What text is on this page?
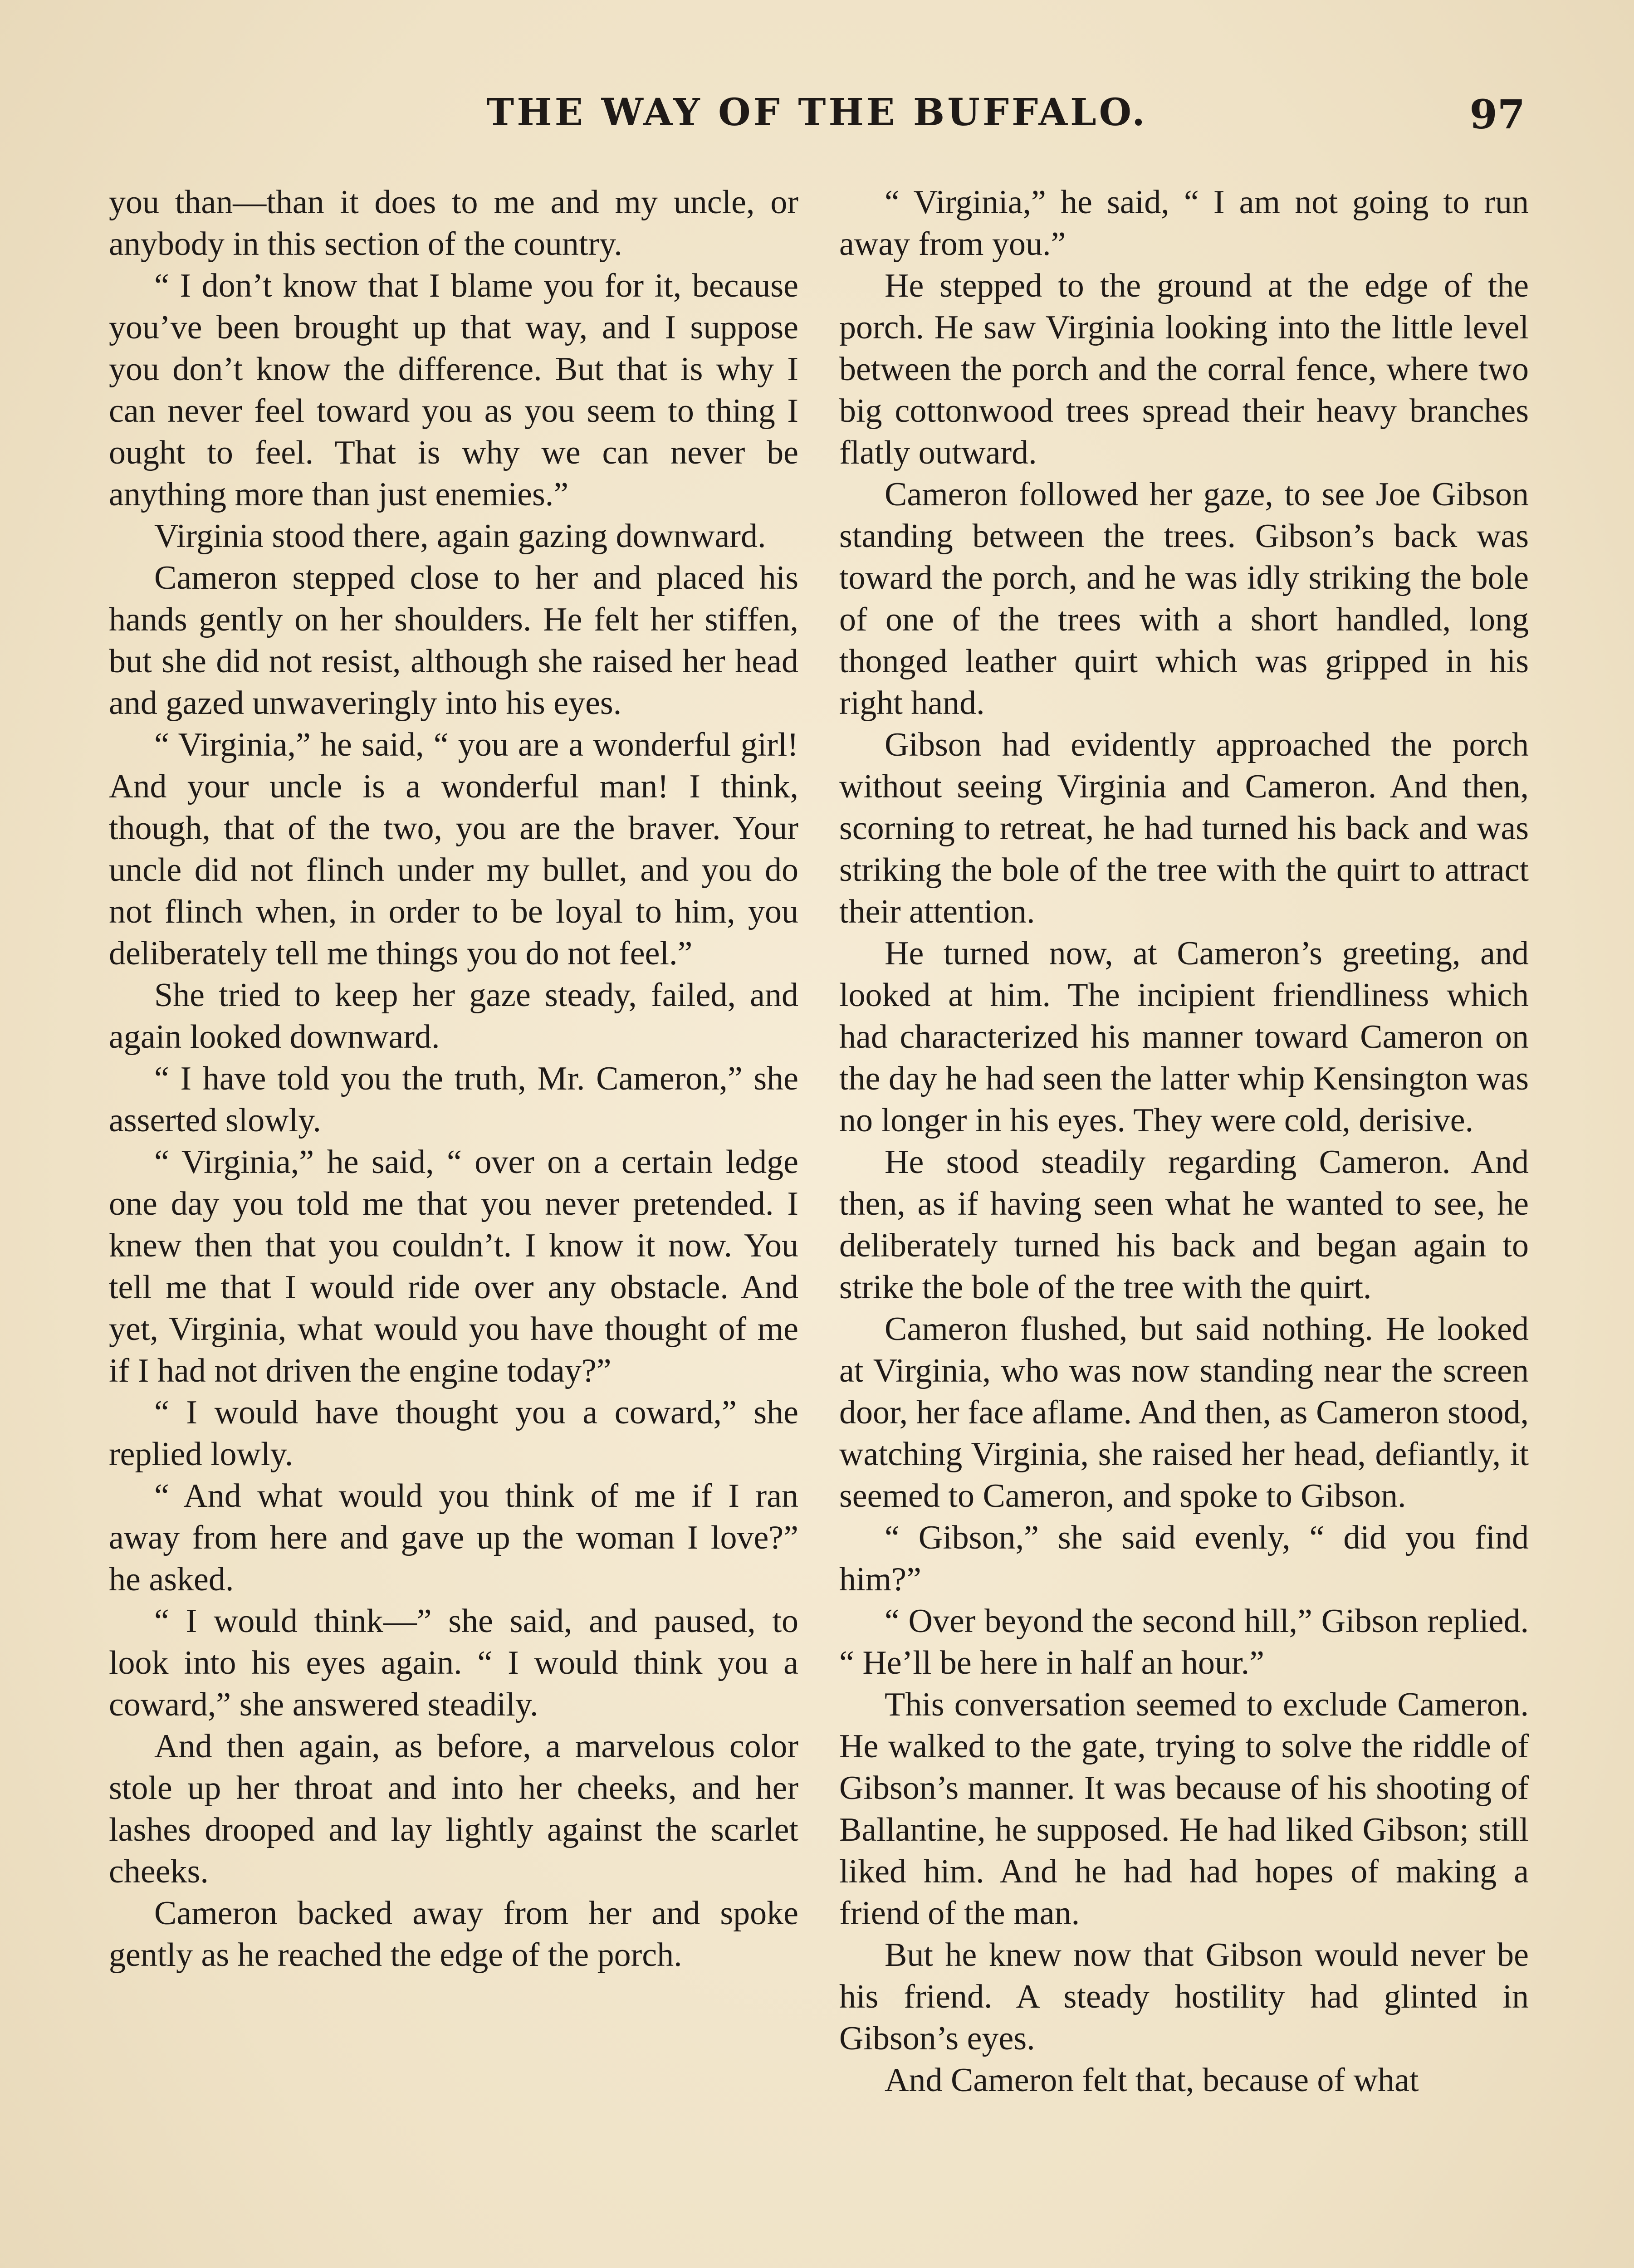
THE WAY OF THE BUFFALO.	97

you than—than it does to me and my uncle, or anybody in this section of the country.

“ I don’t know that I blame you for it, because you’ve been brought up that way, and I suppose you don’t know the difference. But that is why I can never feel toward you as you seem to thing I ought to feel. That is why we can never be anything more than just enemies.”

Virginia stood there, again gazing downward.

Cameron stepped close to her and placed his hands gently on her shoulders. He felt her stiffen, but she did not resist, although she raised her head and gazed unwaveringly into his eyes.

“ Virginia,” he said, “ you are a wonderful girl! And your uncle is a wonderful man! I think, though, that of the two, you are the braver. Your uncle did not flinch under my bullet, and you do not flinch when, in order to be loyal to him, you deliberately tell me things you do not feel.”

She tried to keep her gaze steady, failed, and again looked downward.

“ I have told you the truth, Mr. Cameron,” she asserted slowly.

“ Virginia,” he said, “ over on a certain ledge one day you told me that you never pretended. I knew then that you couldn’t. I know it now. You tell me that I would ride over any obstacle. And yet, Virginia, what would you have thought of me if I had not driven the engine today?”

“ I would have thought you a coward,” she replied lowly.

“ And what would you think of me if I ran away from here and gave up the woman I love?” he asked.

“ I would think—” she said, and paused, to look into his eyes again. “ I would think you a coward,” she answered steadily.

And then again, as before, a marvelous color stole up her throat and into her cheeks, and her lashes drooped and lay lightly against the scarlet cheeks.

Cameron backed away from her and spoke gently as he reached the edge of the porch.

“ Virginia,” he said, “ I am not going to run away from you.”

He stepped to the ground at the edge of the porch. He saw Virginia looking into the little level between the porch and the corral fence, where two big cottonwood trees spread their heavy branches flatly outward.

Cameron followed her gaze, to see Joe Gibson standing between the trees. Gibson’s back was toward the porch, and he was idly striking the bole of one of the trees with a short handled, long thonged leather quirt which was gripped in his right hand.

Gibson had evidently approached the porch without seeing Virginia and Cameron. And then, scorning to retreat, he had turned his back and was striking the bole of the tree with the quirt to attract their attention.

He turned now, at Cameron’s greeting, and looked at him. The incipient friendliness which had characterized his manner toward Cameron on the day he had seen the latter whip Kensington was no longer in his eyes. They were cold, derisive.

He stood steadily regarding Cameron. And then, as if having seen what he wanted to see, he deliberately turned his back and began again to strike the bole of the tree with the quirt.

Cameron flushed, but said nothing. He looked at Virginia, who was now standing near the screen door, her face aflame. And then, as Cameron stood, watching Virginia, she raised her head, defiantly, it seemed to Cameron, and spoke to Gibson.

“ Gibson,” she said evenly, “ did you find him?”

“ Over beyond the second hill,” Gibson replied. “ He’ll be here in half an hour.”

This conversation seemed to exclude Cameron. He walked to the gate, trying to solve the riddle of Gibson’s manner. It was because of his shooting of Ballantine, he supposed. He had liked Gibson; still liked him. And he had had hopes of making a friend of the man.

But he knew now that Gibson would never be his friend. A steady hostility had glinted in Gibson’s eyes.

And Cameron felt that, because of what
